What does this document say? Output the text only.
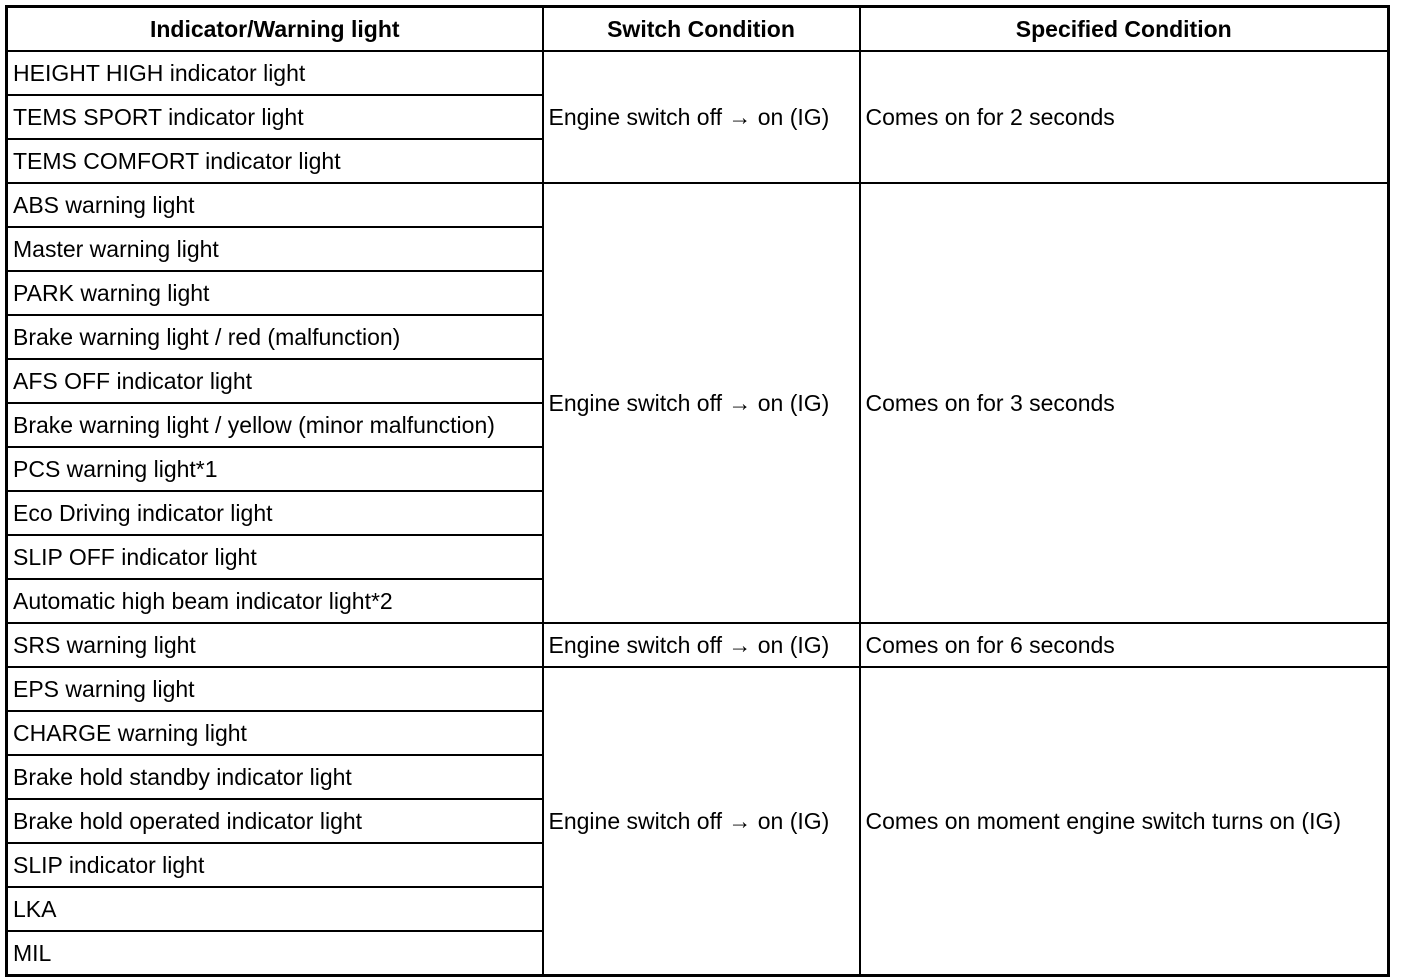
Indicator/Warning light	Switch Condition	Specified Condition
HEIGHT HIGH indicator light	Engine switch off → on (IG)	Comes on for 2 seconds
TEMS SPORT indicator light		
TEMS COMFORT indicator light		
ABS warning light	Engine switch off → on (IG)	Comes on for 3 seconds
Master warning light		
PARK warning light		
Brake warning light / red (malfunction)		
AFS OFF indicator light		
Brake warning light / yellow (minor malfunction)		
PCS warning light*1		
Eco Driving indicator light		
SLIP OFF indicator light		
Automatic high beam indicator light*2		
SRS warning light	Engine switch off → on (IG)	Comes on for 6 seconds
EPS warning light	Engine switch off → on (IG)	Comes on moment engine switch turns on (IG)
CHARGE warning light		
Brake hold standby indicator light		
Brake hold operated indicator light		
SLIP indicator light		
LKA		
MIL		
